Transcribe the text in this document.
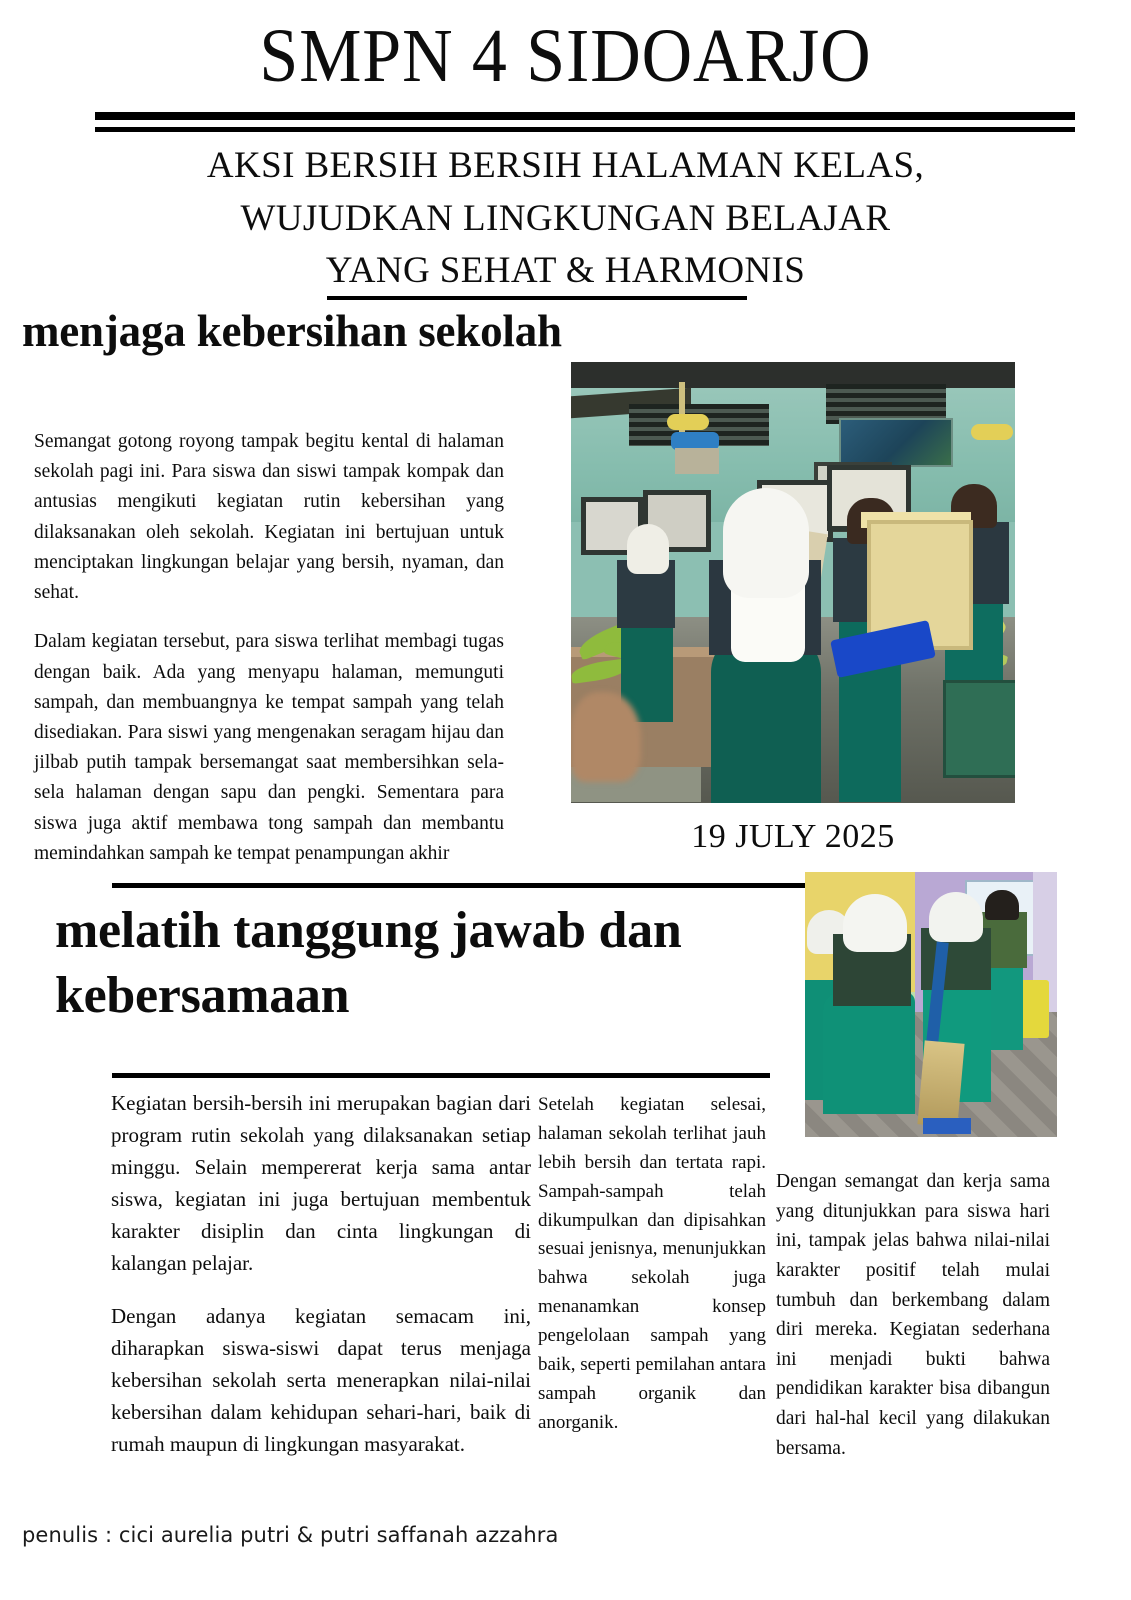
SMPN 4 SIDOARJO
AKSI BERSIH BERSIH HALAMAN KELAS,
WUJUDKAN LINGKUNGAN BELAJAR
YANG SEHAT & HARMONIS
menjaga kebersihan sekolah

Semangat gotong royong tampak begitu kental di halaman sekolah pagi ini. Para siswa dan siswi tampak kompak dan antusias mengikuti kegiatan rutin kebersihan yang dilaksanakan oleh sekolah. Kegiatan ini bertujuan untuk menciptakan lingkungan belajar yang bersih, nyaman, dan sehat.

Dalam kegiatan tersebut, para siswa terlihat membagi tugas dengan baik. Ada yang menyapu halaman, memunguti sampah, dan membuangnya ke tempat sampah yang telah disediakan. Para siswi yang mengenakan seragam hijau dan jilbab putih tampak bersemangat saat membersihkan sela-sela halaman dengan sapu dan pengki. Sementara para siswa juga aktif membawa tong sampah dan membantu memindahkan sampah ke tempat penampungan akhir	19 JULY 2025
melatih tanggung jawab dan kebersamaan

Kegiatan bersih-bersih ini merupakan bagian dari program rutin sekolah yang dilaksanakan setiap minggu. Selain mempererat kerja sama antar siswa, kegiatan ini juga bertujuan membentuk karakter disiplin dan cinta lingkungan di kalangan pelajar.

Dengan adanya kegiatan semacam ini, diharapkan siswa-siswi dapat terus menjaga kebersihan sekolah serta menerapkan nilai-nilai kebersihan dalam kehidupan sehari-hari, baik di rumah maupun di lingkungan masyarakat.

Setelah kegiatan selesai, halaman sekolah terlihat jauh lebih bersih dan tertata rapi. Sampah-sampah telah dikumpulkan dan dipisahkan sesuai jenisnya, menunjukkan bahwa sekolah juga menanamkan konsep pengelolaan sampah yang baik, seperti pemilahan antara sampah organik dan anorganik.

Dengan semangat dan kerja sama yang ditunjukkan para siswa hari ini, tampak jelas bahwa nilai-nilai karakter positif telah mulai tumbuh dan berkembang dalam diri mereka. Kegiatan sederhana ini menjadi bukti bahwa pendidikan karakter bisa dibangun dari hal-hal kecil yang dilakukan bersama.

penulis : cici aurelia putri & putri saffanah azzahra
